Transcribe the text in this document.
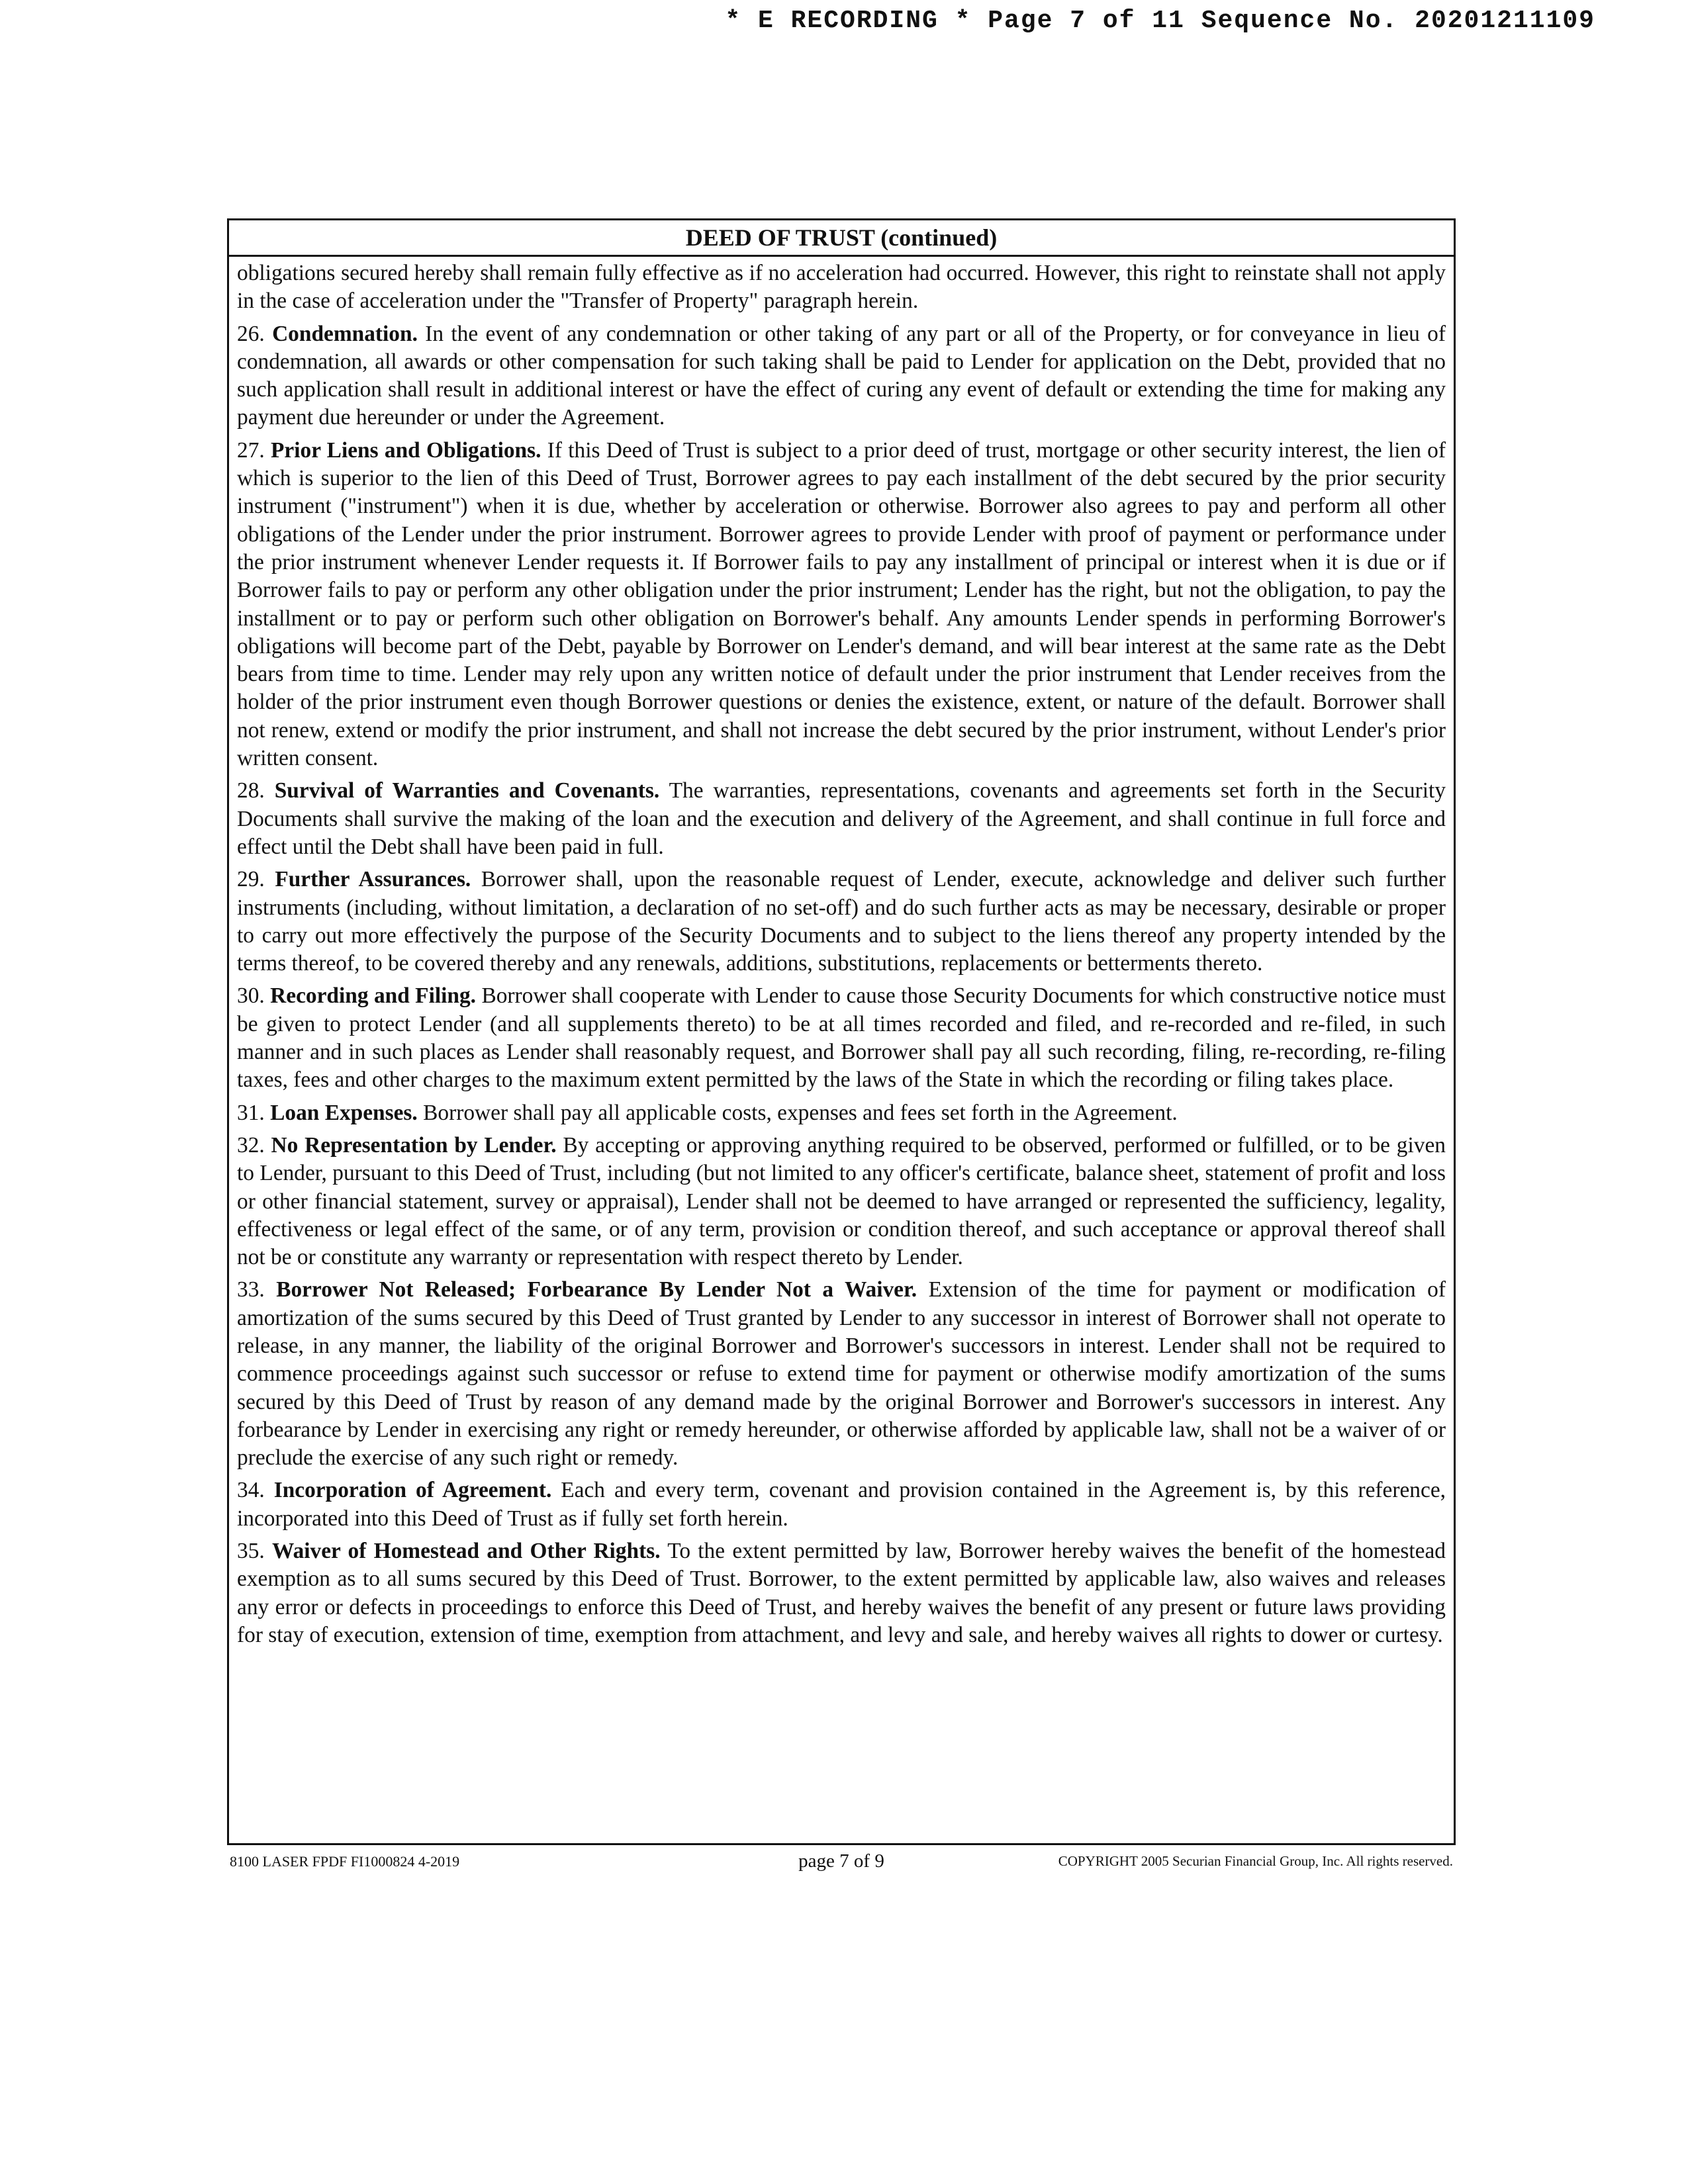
* E RECORDING * Page 7 of 11 Sequence No. 20201211109
DEED OF TRUST (continued)

obligations secured hereby shall remain fully effective as if no acceleration had occurred. However, this right to reinstate shall not apply in the case of acceleration under the "Transfer of Property" paragraph herein.

26. Condemnation. In the event of any condemnation or other taking of any part or all of the Property, or for conveyance in lieu of condemnation, all awards or other compensation for such taking shall be paid to Lender for application on the Debt, provided that no such application shall result in additional interest or have the effect of curing any event of default or extending the time for making any payment due hereunder or under the Agreement.

27. Prior Liens and Obligations. If this Deed of Trust is subject to a prior deed of trust, mortgage or other security interest, the lien of which is superior to the lien of this Deed of Trust, Borrower agrees to pay each installment of the debt secured by the prior security instrument ("instrument") when it is due, whether by acceleration or otherwise. Borrower also agrees to pay and perform all other obligations of the Lender under the prior instrument. Borrower agrees to provide Lender with proof of payment or performance under the prior instrument whenever Lender requests it. If Borrower fails to pay any installment of principal or interest when it is due or if Borrower fails to pay or perform any other obligation under the prior instrument; Lender has the right, but not the obligation, to pay the installment or to pay or perform such other obligation on Borrower's behalf. Any amounts Lender spends in performing Borrower's obligations will become part of the Debt, payable by Borrower on Lender's demand, and will bear interest at the same rate as the Debt bears from time to time. Lender may rely upon any written notice of default under the prior instrument that Lender receives from the holder of the prior instrument even though Borrower questions or denies the existence, extent, or nature of the default. Borrower shall not renew, extend or modify the prior instrument, and shall not increase the debt secured by the prior instrument, without Lender's prior written consent.

28. Survival of Warranties and Covenants. The warranties, representations, covenants and agreements set forth in the Security Documents shall survive the making of the loan and the execution and delivery of the Agreement, and shall continue in full force and effect until the Debt shall have been paid in full.

29. Further Assurances. Borrower shall, upon the reasonable request of Lender, execute, acknowledge and deliver such further instruments (including, without limitation, a declaration of no set-off) and do such further acts as may be necessary, desirable or proper to carry out more effectively the purpose of the Security Documents and to subject to the liens thereof any property intended by the terms thereof, to be covered thereby and any renewals, additions, substitutions, replacements or betterments thereto.

30. Recording and Filing. Borrower shall cooperate with Lender to cause those Security Documents for which constructive notice must be given to protect Lender (and all supplements thereto) to be at all times recorded and filed, and re-recorded and re-filed, in such manner and in such places as Lender shall reasonably request, and Borrower shall pay all such recording, filing, re-recording, re-filing taxes, fees and other charges to the maximum extent permitted by the laws of the State in which the recording or filing takes place.

31. Loan Expenses. Borrower shall pay all applicable costs, expenses and fees set forth in the Agreement.

32. No Representation by Lender. By accepting or approving anything required to be observed, performed or fulfilled, or to be given to Lender, pursuant to this Deed of Trust, including (but not limited to any officer's certificate, balance sheet, statement of profit and loss or other financial statement, survey or appraisal), Lender shall not be deemed to have arranged or represented the sufficiency, legality, effectiveness or legal effect of the same, or of any term, provision or condition thereof, and such acceptance or approval thereof shall not be or constitute any warranty or representation with respect thereto by Lender.

33. Borrower Not Released; Forbearance By Lender Not a Waiver. Extension of the time for payment or modification of amortization of the sums secured by this Deed of Trust granted by Lender to any successor in interest of Borrower shall not operate to release, in any manner, the liability of the original Borrower and Borrower's successors in interest. Lender shall not be required to commence proceedings against such successor or refuse to extend time for payment or otherwise modify amortization of the sums secured by this Deed of Trust by reason of any demand made by the original Borrower and Borrower's successors in interest. Any forbearance by Lender in exercising any right or remedy hereunder, or otherwise afforded by applicable law, shall not be a waiver of or preclude the exercise of any such right or remedy.

34. Incorporation of Agreement. Each and every term, covenant and provision contained in the Agreement is, by this reference, incorporated into this Deed of Trust as if fully set forth herein.

35. Waiver of Homestead and Other Rights. To the extent permitted by law, Borrower hereby waives the benefit of the homestead exemption as to all sums secured by this Deed of Trust. Borrower, to the extent permitted by applicable law, also waives and releases any error or defects in proceedings to enforce this Deed of Trust, and hereby waives the benefit of any present or future laws providing for stay of execution, extension of time, exemption from attachment, and levy and sale, and hereby waives all rights to dower or curtesy.

8100 LASER FPDF FI1000824 4-2019	page 7 of 9	COPYRIGHT 2005 Securian Financial Group, Inc. All rights reserved.
